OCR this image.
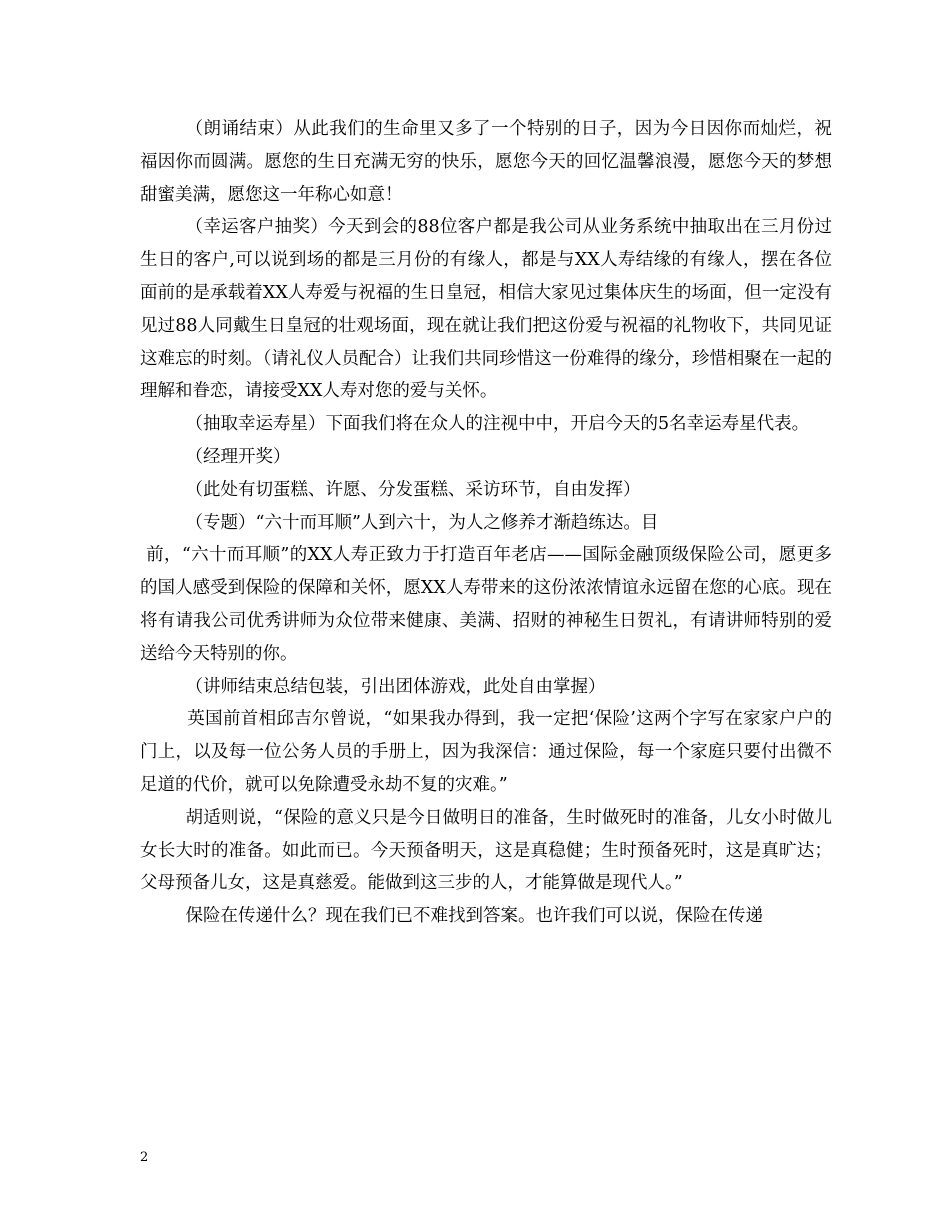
（朗诵结束）从此我们的生命里又多了一个特别的日子，因为今日因你而灿烂，祝福因你而圆满。愿您的生日充满无穷的快乐，愿您今天的回忆温馨浪漫，愿您今天的梦想甜蜜美满，愿您这一年称心如意！

（幸运客户抽奖）今天到会的88位客户都是我公司从业务系统中抽取出在三月份过生日的客户,可以说到场的都是三月份的有缘人，都是与XX人寿结缘的有缘人，摆在各位面前的是承载着XX人寿爱与祝福的生日皇冠，相信大家见过集体庆生的场面，但一定没有见过88人同戴生日皇冠的壮观场面，现在就让我们把这份爱与祝福的礼物收下，共同见证这难忘的时刻。（请礼仪人员配合）让我们共同珍惜这一份难得的缘分，珍惜相聚在一起的理解和眷恋，请接受XX人寿对您的爱与关怀。

（抽取幸运寿星）下面我们将在众人的注视中中，开启今天的5名幸运寿星代表。

（经理开奖）

（此处有切蛋糕、许愿、分发蛋糕、采访环节，自由发挥）

（专题）“六十而耳顺”人到六十，为人之修养才渐趋练达。目

前，“六十而耳顺”的XX人寿正致力于打造百年老店——国际金融顶级保险公司，愿更多的国人感受到保险的保障和关怀，愿XX人寿带来的这份浓浓情谊永远留在您的心底。现在将有请我公司优秀讲师为众位带来健康、美满、招财的神秘生日贺礼，有请讲师特别的爱送给今天特别的你。

（讲师结束总结包装，引出团体游戏，此处自由掌握）

英国前首相邱吉尔曾说，“如果我办得到，我一定把‘保险’这两个字写在家家户户的门上，以及每一位公务人员的手册上，因为我深信：通过保险，每一个家庭只要付出微不足道的代价，就可以免除遭受永劫不复的灾难。”

胡适则说，“保险的意义只是今日做明日的准备，生时做死时的准备，儿女小时做儿女长大时的准备。如此而已。今天预备明天，这是真稳健；生时预备死时，这是真旷达；父母预备儿女，这是真慈爱。能做到这三步的人，才能算做是现代人。”

保险在传递什么？现在我们已不难找到答案。也许我们可以说，保险在传递

2
